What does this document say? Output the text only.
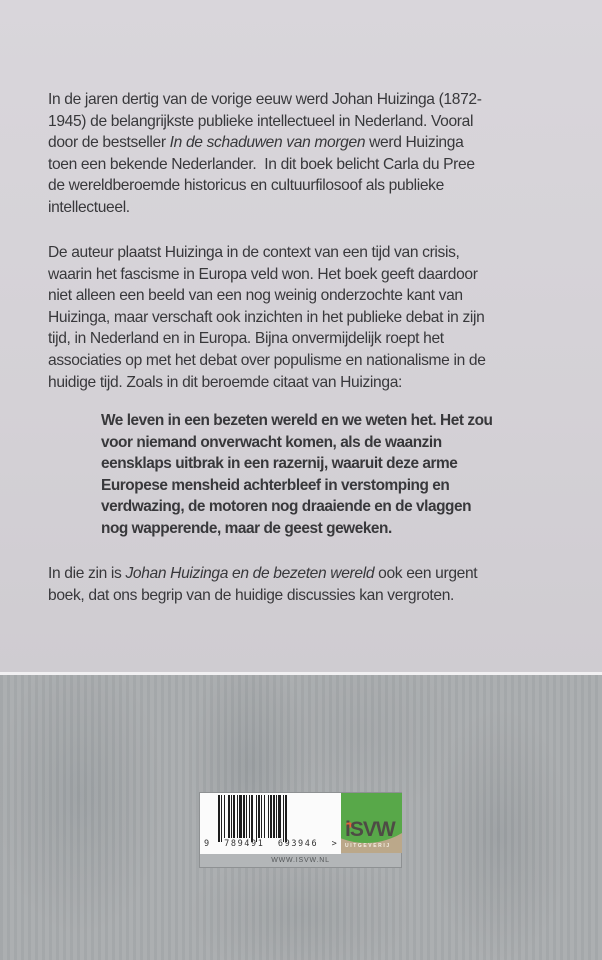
In de jaren dertig van de vorige eeuw werd Johan Huizinga (1872-
1945) de belangrijkste publieke intellectueel in Nederland. Vooral
door de bestseller In de schaduwen van morgen werd Huizinga
toen een bekende Nederlander.  In dit boek belicht Carla du Pree
de wereldberoemde historicus en cultuurfilosoof als publieke
intellectueel.
De auteur plaatst Huizinga in de context van een tijd van crisis,
waarin het fascisme in Europa veld won. Het boek geeft daardoor
niet alleen een beeld van een nog weinig onderzochte kant van
Huizinga, maar verschaft ook inzichten in het publieke debat in zijn
tijd, in Nederland en in Europa. Bijna onvermijdelijk roept het
associaties op met het debat over populisme en nationalisme in de
huidige tijd. Zoals in dit beroemde citaat van Huizinga:
We leven in een bezeten wereld en we weten het. Het zou
voor niemand onverwacht komen, als de waanzin
eensklaps uitbrak in een razernij, waaruit deze arme
Europese mensheid achterbleef in verstomping en
verdwazing, de motoren nog draaiende en de vlaggen
nog wapperende, maar de geest geweken.
In die zin is Johan Huizinga en de bezeten wereld ook een urgent
boek, dat ons begrip van de huidige discussies kan vergroten.
9  789491  693946  >
iSVW
UITGEVERIJ
WWW.ISVW.NL
